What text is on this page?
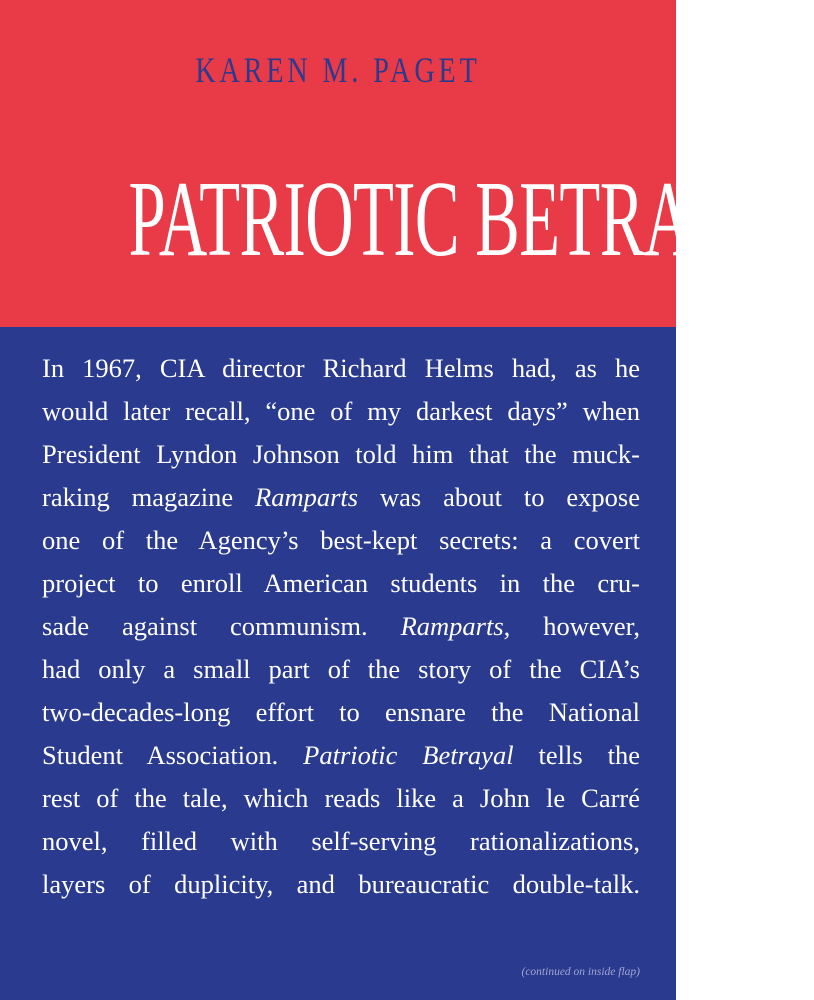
KAREN M. PAGET
PATRIOTIC BETRAYAL
In 1967, CIA director Richard Helms had, as he
would later recall, “one of my darkest days” when
President Lyndon Johnson told him that the muck-
raking magazine Ramparts was about to expose
one of the Agency’s best-kept secrets: a covert
project to enroll American students in the cru-
sade against communism. Ramparts, however,
had only a small part of the story of the CIA’s
two-decades-long effort to ensnare the National
Student Association. Patriotic Betrayal tells the
rest of the tale, which reads like a John le Carré
novel, filled with self-serving rationalizations,
layers of duplicity, and bureaucratic double-talk.
(continued on inside flap)
